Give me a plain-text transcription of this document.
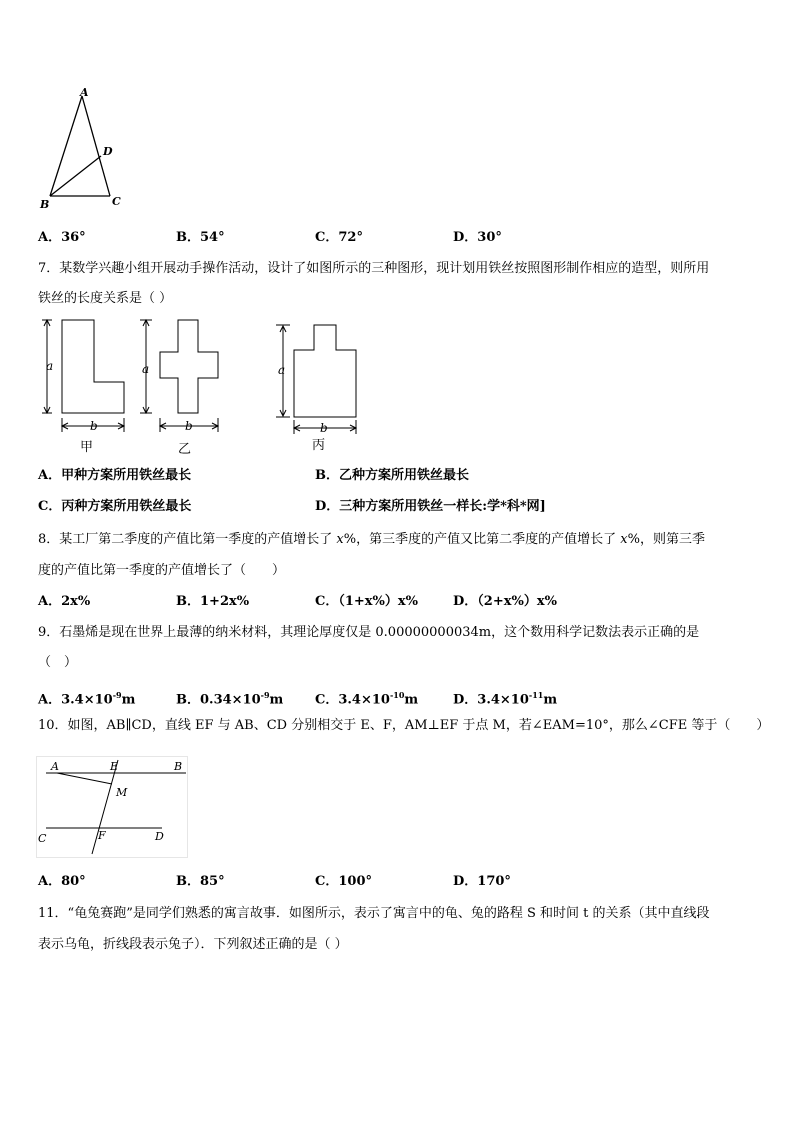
A
D
B	C
A．36°	B．54°	C．72°	D．30°
7．某数学兴趣小组开展动手操作活动，设计了如图所示的三种图形，现计划用铁丝按照图形制作相应的造型，则所用
铁丝的长度关系是（ ）
a
b
甲
a
b
乙
a
b
丙
A．甲种方案所用铁丝最长	B．乙种方案所用铁丝最长
C．丙种方案所用铁丝最长	D．三种方案所用铁丝一样长:学*科*网]
8．某工厂第二季度的产值比第一季度的产值增长了 x%，第三季度的产值又比第二季度的产值增长了 x%，则第三季
度的产值比第一季度的产值增长了（　　）
A．2x%	B．1+2x%	C．（1+x%）x%	D．（2+x%）x%
9．石墨烯是现在世界上最薄的纳米材料，其理论厚度仅是 0.00000000034m，这个数用科学记数法表示正确的是
（　）
A．$3.4\times 10^{-9}m$	B．$0.34\times 10^{-9}m$ C．$3.4\times 10^{-10}m$	D．$3.4\times 10^{-11}m$
10．如图，AB∥CD，直线 EF 与 AB、CD 分别相交于 E、F，AM⊥EF 于点 M，若∠EAM=10°，那么∠CFE 等于（　　）
A	E	B
M
C	F	D
A．80°	B．85°	C．100°	D．170°
11．“龟兔赛跑”是同学们熟悉的寓言故事．如图所示，表示了寓言中的龟、兔的路程 S 和时间 t 的关系（其中直线段
表示乌龟，折线段表示兔子）．下列叙述正确的是（ ）
